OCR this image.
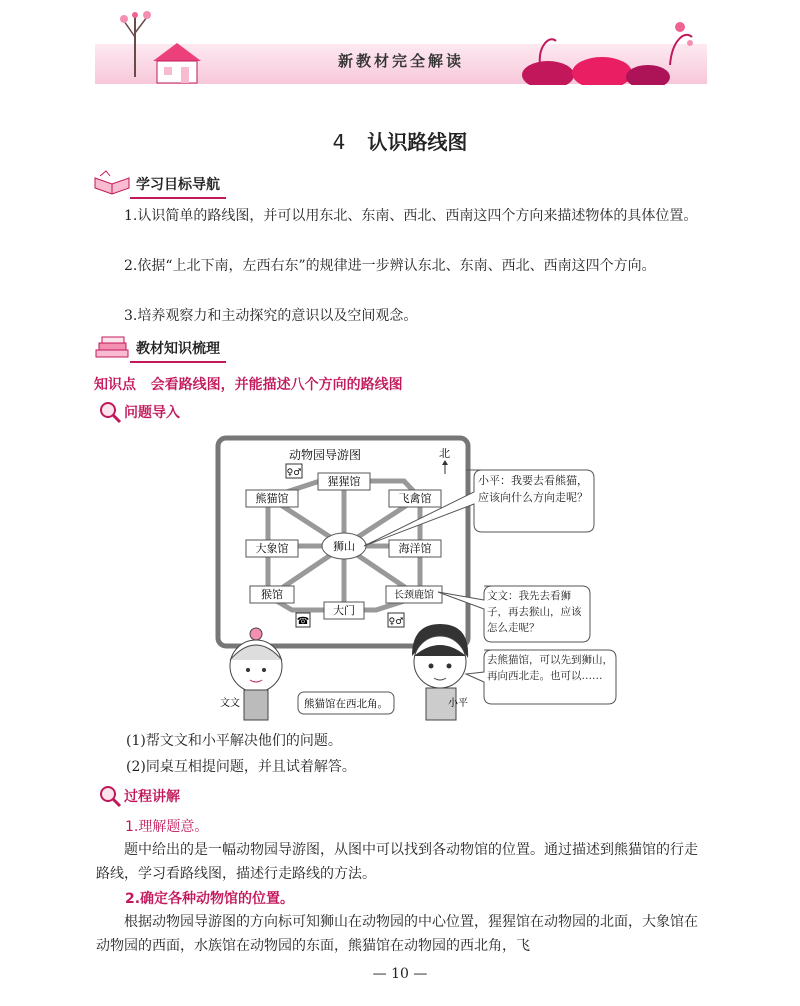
新教材完全解读
4 认识路线图
学习目标导航

1.认识简单的路线图，并可以用东北、东南、西北、西南这四个方向来描述物体的具体位置。

2.依据“上北下南，左西右东”的规律进一步辨认东北、东南、西北、西南这四个方向。

3.培养观察力和主动探究的意识以及空间观念。

教材知识梳理
知识点 会看路线图，并能描述八个方向的路线图
问题导入
动物园导游图	北
猩猩馆
飞禽馆
熊猫馆
大象馆	海洋馆
猴馆
大门
长颈鹿馆
狮山
♀♂
☎	♀♂
小平：我要去看熊猫，应该向什么方向走呢？
文文：我先去看狮子，再去猴山，应该怎么走呢？
文文	熊猫馆在西北角。	小平
去熊猫馆，可以先到狮山，再向西北走。也可以……
(1)帮文文和小平解决他们的问题。
(2)同桌互相提问题，并且试着解答。
过程讲解
1.理解题意。

题中给出的是一幅动物园导游图，从图中可以找到各动物馆的位置。通过描述到熊猫馆的行走路线，学习看路线图，描述行走路线的方法。

2.确定各种动物馆的位置。

根据动物园导游图的方向标可知狮山在动物园的中心位置，猩猩馆在动物园的北面，大象馆在动物园的西面，水族馆在动物园的东面，熊猫馆在动物园的西北角，飞

— 10 —
